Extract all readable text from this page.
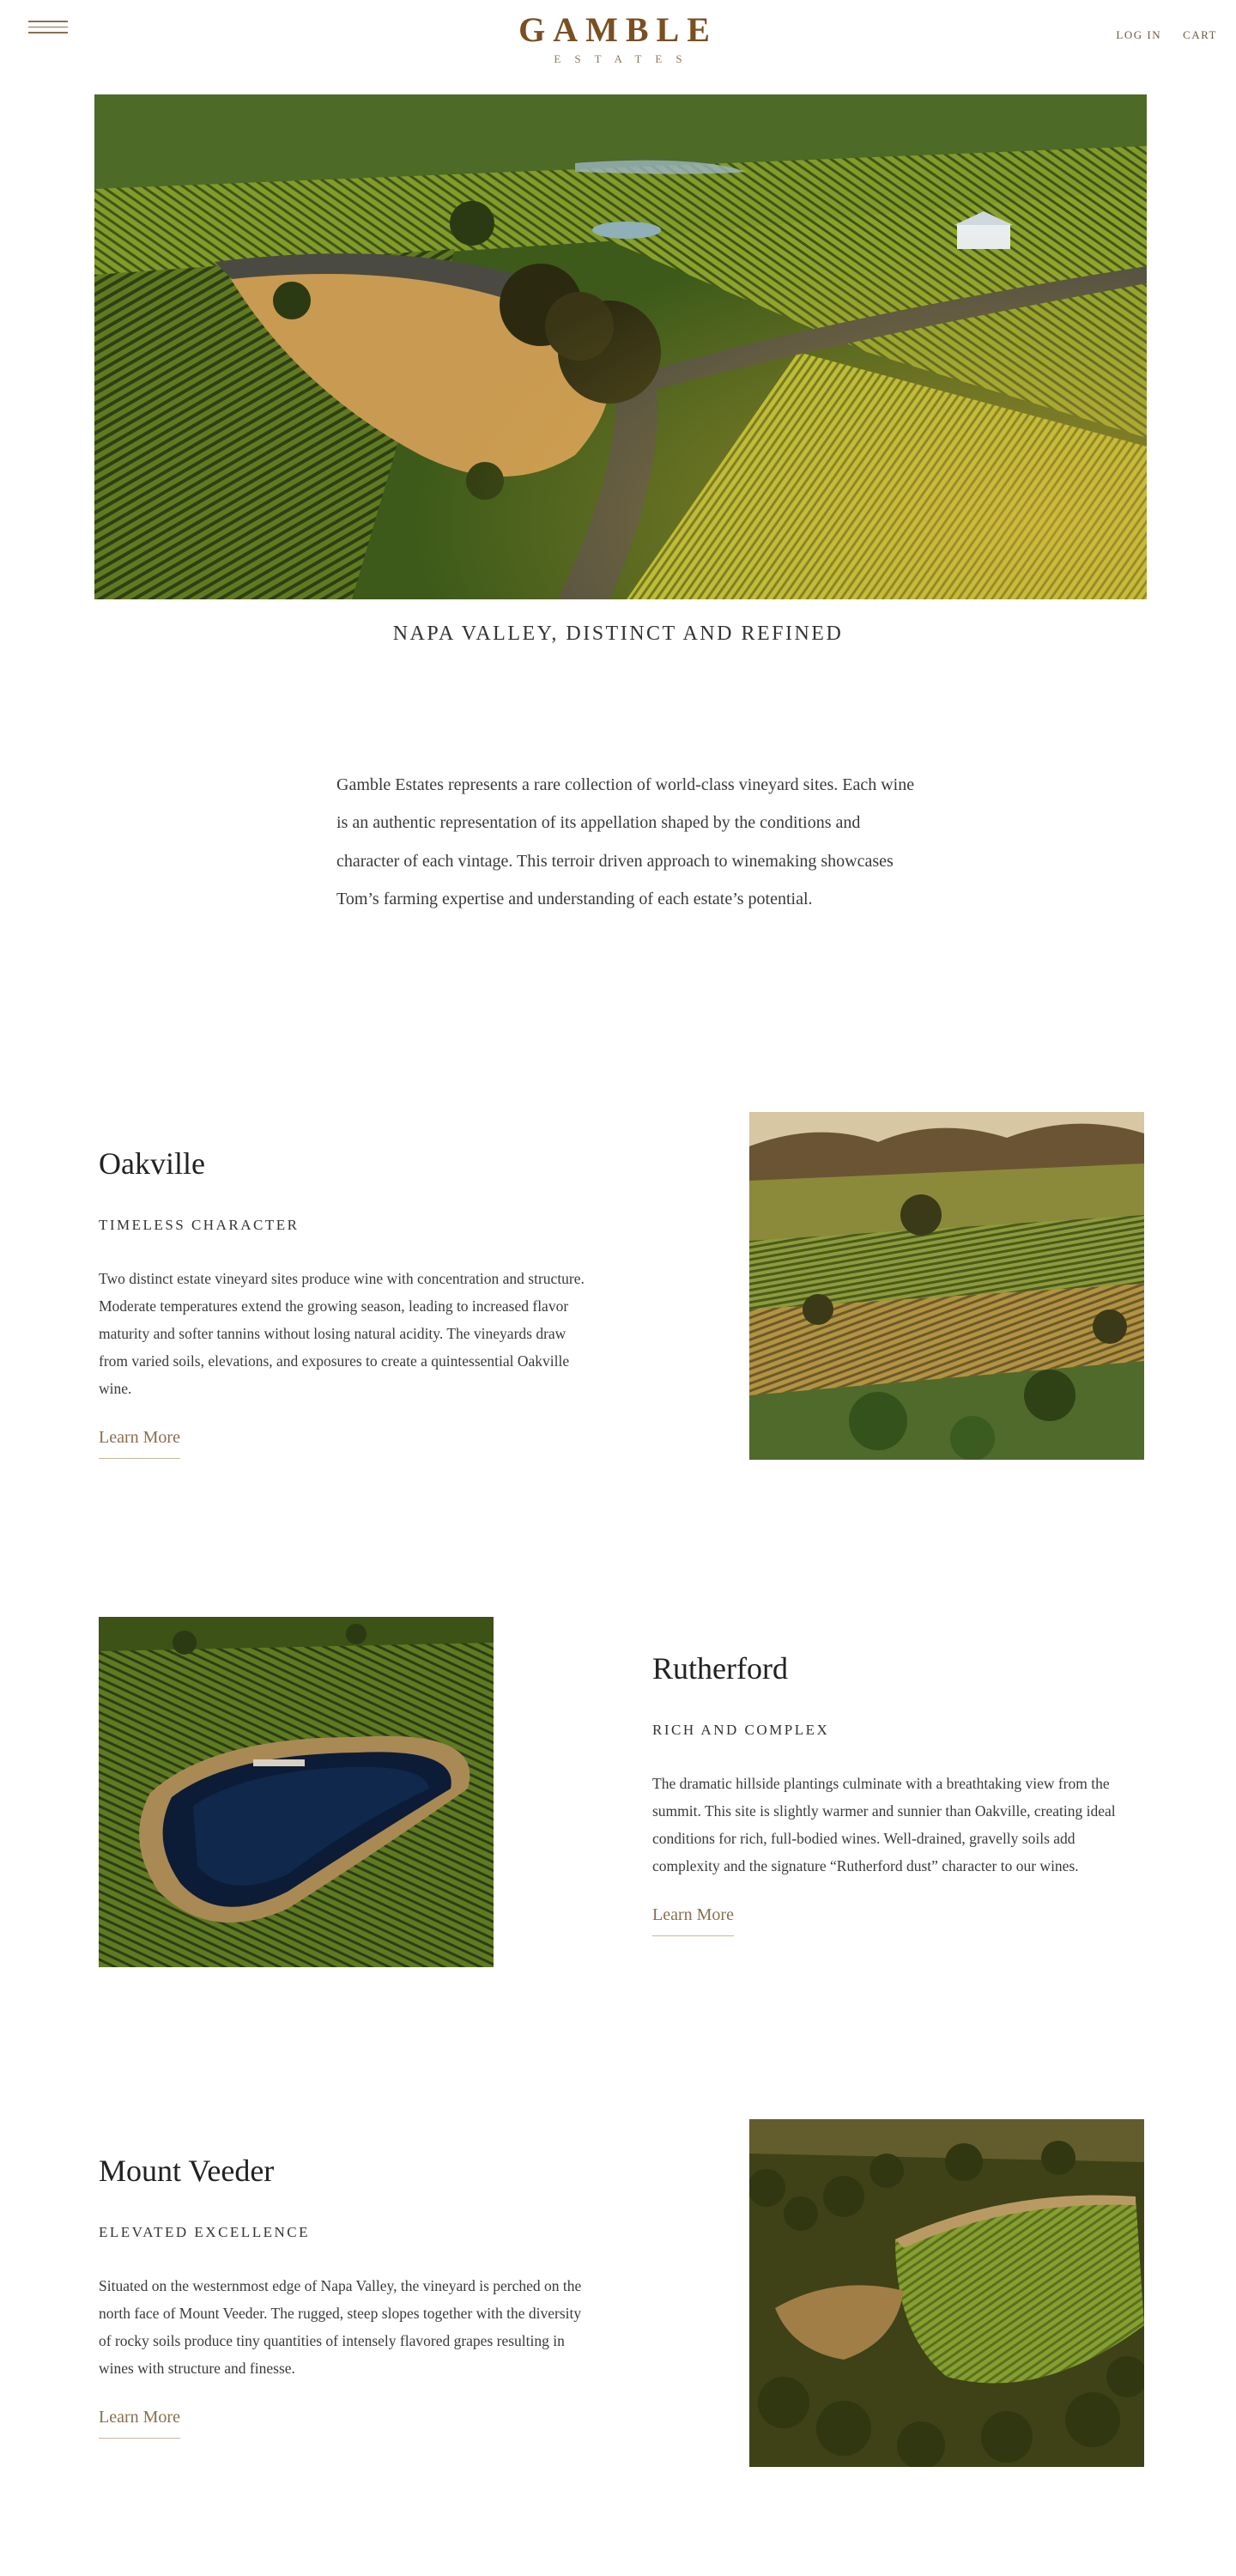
GAMBLE
ESTATES
LOG IN CART
NAPA VALLEY, DISTINCT AND REFINED
Gamble Estates represents a rare collection of world-class vineyard sites. Each wine is an authentic representation of its appellation shaped by the conditions and character of each vintage. This terroir driven approach to winemaking showcases Tom’s farming expertise and understanding of each estate’s potential.
Oakville
TIMELESS CHARACTER

Two distinct estate vineyard sites produce wine with concentration and structure. Moderate temperatures extend the growing season, leading to increased flavor maturity and softer tannins without losing natural acidity. The vineyards draw from varied soils, elevations, and exposures to create a quintessential Oakville wine.

Learn More
Rutherford
RICH AND COMPLEX

The dramatic hillside plantings culminate with a breathtaking view from the summit. This site is slightly warmer and sunnier than Oakville, creating ideal conditions for rich, full-bodied wines. Well-drained, gravelly soils add complexity and the signature “Rutherford dust” character to our wines.

Learn More
Mount Veeder
ELEVATED EXCELLENCE

Situated on the westernmost edge of Napa Valley, the vineyard is perched on the north face of Mount Veeder. The rugged, steep slopes together with the diversity of rocky soils produce tiny quantities of intensely flavored grapes resulting in wines with structure and finesse.

Learn More
